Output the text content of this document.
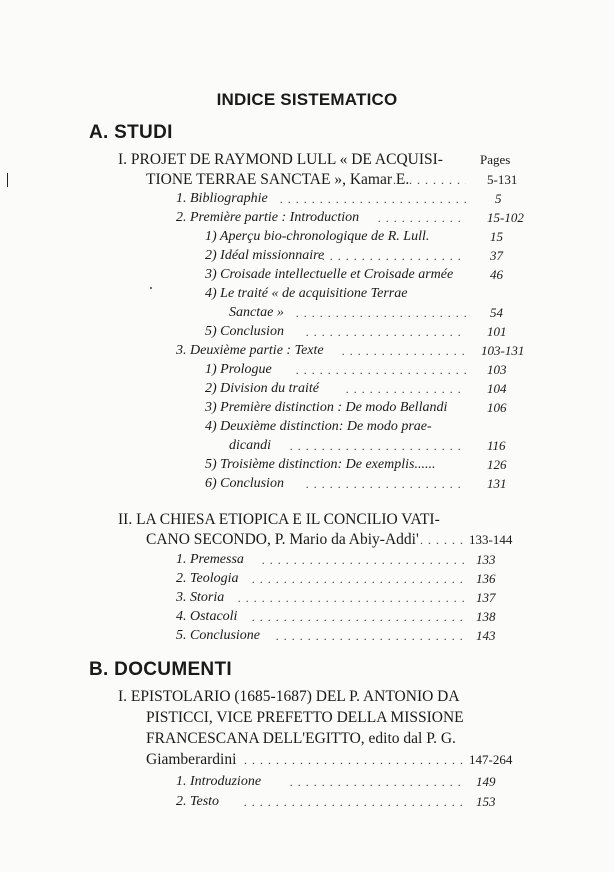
INDICE SISTEMATICO
A. STUDI
I. PROJET DE RAYMOND LULL « DE ACQUISI-	Pages
TIONE TERRAE SANCTAE », Kamar E. . . .	5-131
1. Bibliographie . . .	5
2. Première partie : Introduction . . .	15-102
1) Aperçu bio-chronologique de R. Lull.	15
2) Idéal missionnaire . . .	37
3) Croisade intellectuelle et Croisade armée	46
4) Le traité « de acquisitione Terrae
Sanctae » . . .	54
5) Conclusion . . .	101
3. Deuxième partie : Texte . . .	103-131
1) Prologue . . .	103
2) Division du traité . . .	104
3) Première distinction : De modo Bellandi	106
4) Deuxième distinction: De modo prae-
dicandi . . .	116
5) Troisième distinction: De exemplis......	126
6) Conclusion . . .	131
II. LA CHIESA ETIOPICA E IL CONCILIO VATI-
CANO SECONDO, P. Mario da Abiy-Addi' . . .	133-144
1. Premessa . . .	133
2. Teologia . . .	136
3. Storia . . .	137
4. Ostacoli . . .	138
5. Conclusione . . .	143
B. DOCUMENTI
I. EPISTOLARIO (1685-1687) DEL P. ANTONIO DA
PISTICCI, VICE PREFETTO DELLA MISSIONE
FRANCESCANA DELL'EGITTO, edito dal P. G.
Giamberardini . . .	147-264
1. Introduzione . . .	149
2. Testo . . .	153
